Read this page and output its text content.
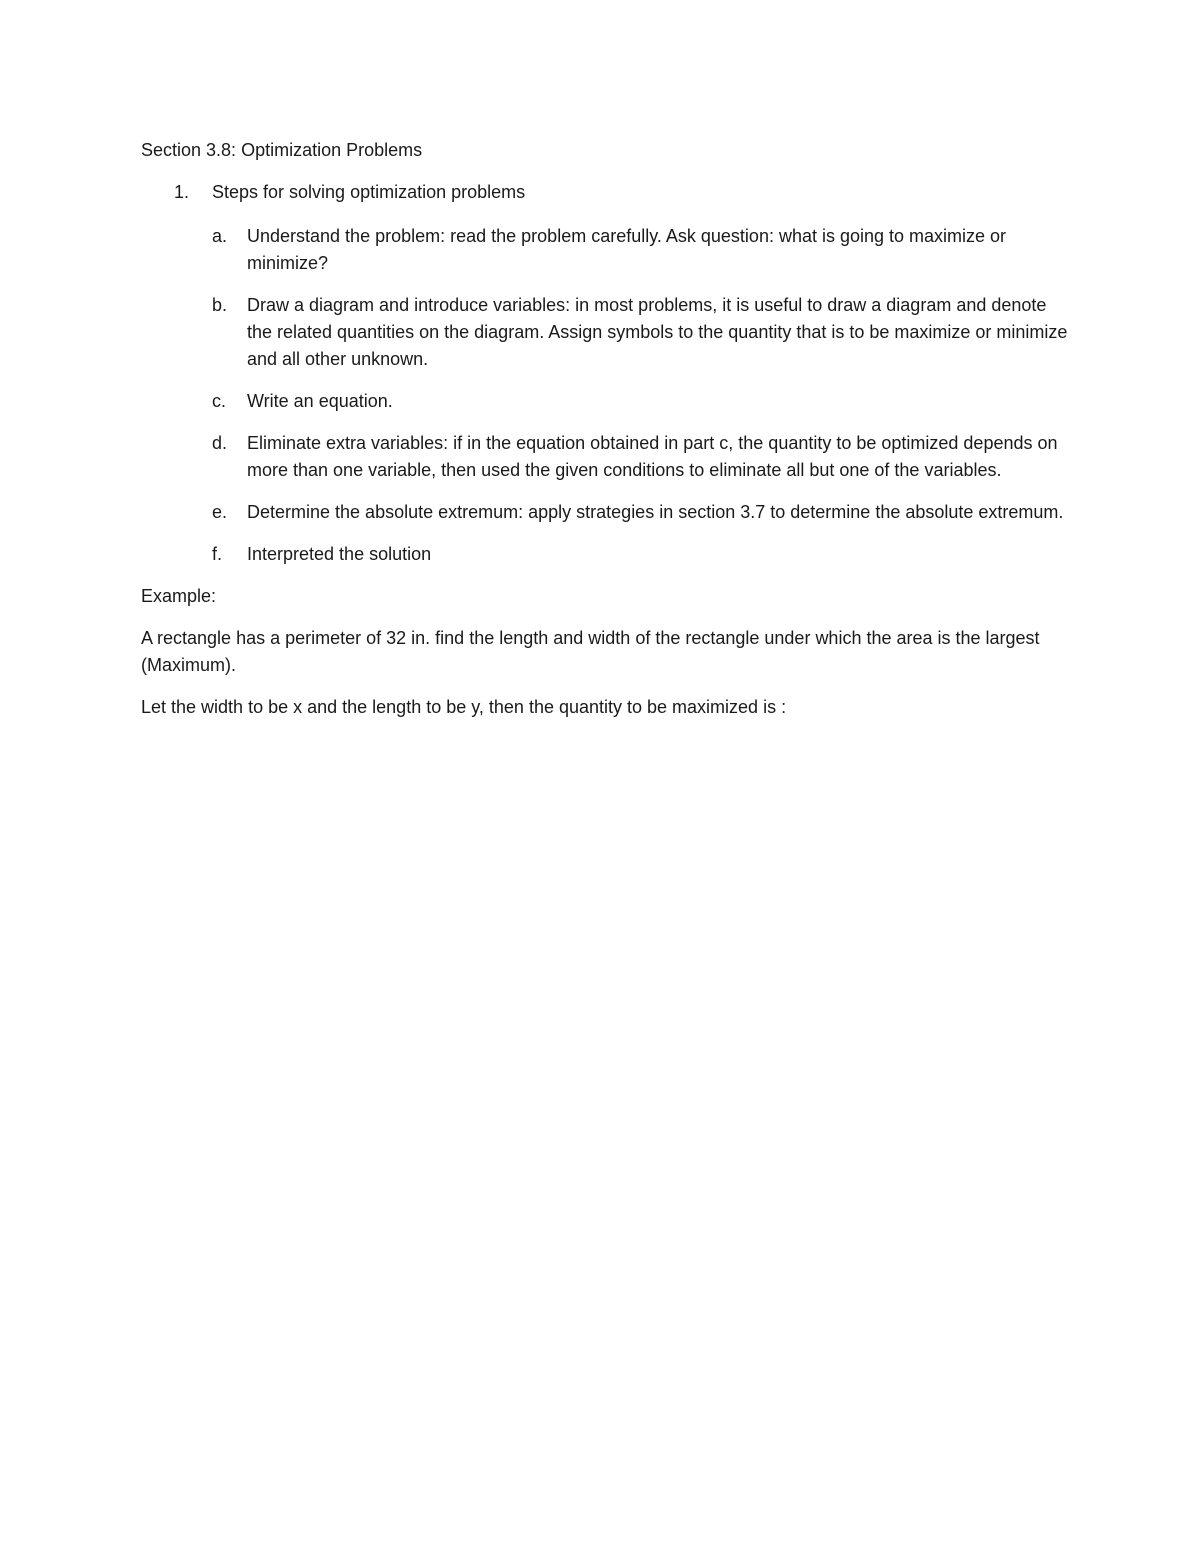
Section 3.8: Optimization Problems

1. Steps for solving optimization problems
a. Understand the problem: read the problem carefully. Ask question: what is going to maximize or minimize?
b. Draw a diagram and introduce variables: in most problems, it is useful to draw a diagram and denote the related quantities on the diagram. Assign symbols to the quantity that is to be maximize or minimize and all other unknown.
c. Write an equation.
d. Eliminate extra variables: if in the equation obtained in part c, the quantity to be optimized depends on more than one variable, then used the given conditions to eliminate all but one of the variables.
e. Determine the absolute extremum: apply strategies in section 3.7 to determine the absolute extremum.
f. Interpreted the solution

Example:

A rectangle has a perimeter of 32 in. find the length and width of the rectangle under which the area is the largest (Maximum).

Let the width to be x and the length to be y, then the quantity to be maximized is :
